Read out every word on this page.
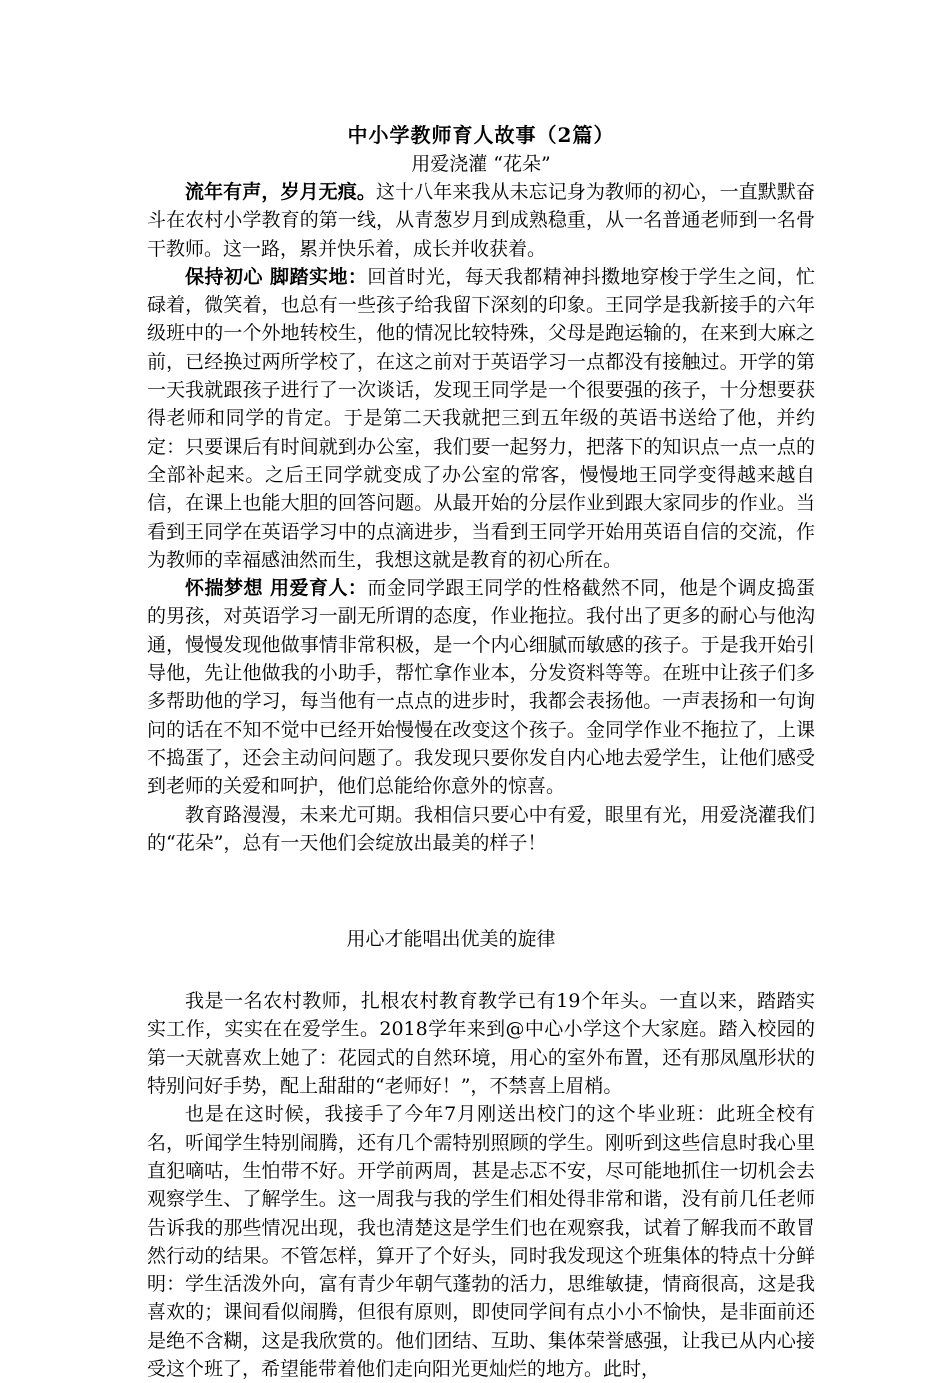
中小学教师育人故事（2篇）

用爱浇灌 “花朵”

流年有声，岁月无痕。这十八年来我从未忘记身为教师的初心，一直默默奋斗在农村小学教育的第一线，从青葱岁月到成熟稳重，从一名普通老师到一名骨干教师。这一路，累并快乐着，成长并收获着。

保持初心 脚踏实地：回首时光，每天我都精神抖擞地穿梭于学生之间，忙碌着，微笑着，也总有一些孩子给我留下深刻的印象。王同学是我新接手的六年级班中的一个外地转校生，他的情况比较特殊，父母是跑运输的，在来到大麻之前，已经换过两所学校了，在这之前对于英语学习一点都没有接触过。开学的第一天我就跟孩子进行了一次谈话，发现王同学是一个很要强的孩子，十分想要获得老师和同学的肯定。于是第二天我就把三到五年级的英语书送给了他，并约定：只要课后有时间就到办公室，我们要一起努力，把落下的知识点一点一点的全部补起来。之后王同学就变成了办公室的常客，慢慢地王同学变得越来越自信，在课上也能大胆的回答问题。从最开始的分层作业到跟大家同步的作业。当看到王同学在英语学习中的点滴进步，当看到王同学开始用英语自信的交流，作为教师的幸福感油然而生，我想这就是教育的初心所在。

怀揣梦想 用爱育人：而金同学跟王同学的性格截然不同，他是个调皮捣蛋的男孩，对英语学习一副无所谓的态度，作业拖拉。我付出了更多的耐心与他沟通，慢慢发现他做事情非常积极，是一个内心细腻而敏感的孩子。于是我开始引导他，先让他做我的小助手，帮忙拿作业本，分发资料等等。在班中让孩子们多多帮助他的学习，每当他有一点点的进步时，我都会表扬他。一声表扬和一句询问的话在不知不觉中已经开始慢慢在改变这个孩子。金同学作业不拖拉了，上课不捣蛋了，还会主动问问题了。我发现只要你发自内心地去爱学生，让他们感受到老师的关爱和呵护，他们总能给你意外的惊喜。

教育路漫漫，未来尤可期。我相信只要心中有爱，眼里有光，用爱浇灌我们的“花朵”，总有一天他们会绽放出最美的样子！

用心才能唱出优美的旋律

我是一名农村教师，扎根农村教育教学已有19个年头。一直以来，踏踏实实工作，实实在在爱学生。2018学年来到@中心小学这个大家庭。踏入校园的第一天就喜欢上她了：花园式的自然环境，用心的室外布置，还有那凤凰形状的特别问好手势，配上甜甜的“老师好！”，不禁喜上眉梢。

也是在这时候，我接手了今年7月刚送出校门的这个毕业班：此班全校有名，听闻学生特别闹腾，还有几个需特别照顾的学生。刚听到这些信息时我心里直犯嘀咕，生怕带不好。开学前两周，甚是忐忑不安，尽可能地抓住一切机会去观察学生、了解学生。这一周我与我的学生们相处得非常和谐，没有前几任老师告诉我的那些情况出现，我也清楚这是学生们也在观察我，试着了解我而不敢冒然行动的结果。不管怎样，算开了个好头，同时我发现这个班集体的特点十分鲜明：学生活泼外向，富有青少年朝气蓬勃的活力，思维敏捷，情商很高，这是我喜欢的；课间看似闹腾，但很有原则，即使同学间有点小小不愉快，是非面前还是绝不含糊，这是我欣赏的。他们团结、互助、集体荣誉感强，让我已从内心接受这个班了，希望能带着他们走向阳光更灿烂的地方。此时，
